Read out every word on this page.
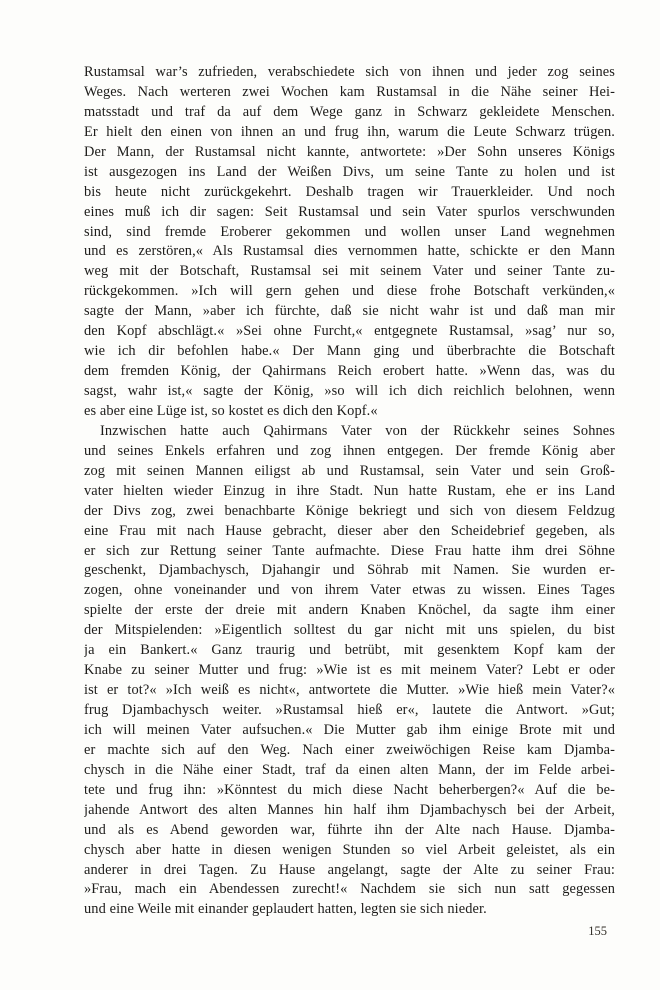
Rustamsal war’s zufrieden, verabschiedete sich von ihnen und jeder zog seines
Weges. Nach werteren zwei Wochen kam Rustamsal in die Nähe seiner Hei-
matsstadt und traf da auf dem Wege ganz in Schwarz gekleidete Menschen.
Er hielt den einen von ihnen an und frug ihn, warum die Leute Schwarz trügen.
Der Mann, der Rustamsal nicht kannte, antwortete: »Der Sohn unseres Königs
ist ausgezogen ins Land der Weißen Divs, um seine Tante zu holen und ist
bis heute nicht zurückgekehrt. Deshalb tragen wir Trauerkleider. Und noch
eines muß ich dir sagen: Seit Rustamsal und sein Vater spurlos verschwunden
sind, sind fremde Eroberer gekommen und wollen unser Land wegnehmen
und es zerstören,« Als Rustamsal dies vernommen hatte, schickte er den Mann
weg mit der Botschaft, Rustamsal sei mit seinem Vater und seiner Tante zu-
rückgekommen. »Ich will gern gehen und diese frohe Botschaft verkünden,«
sagte der Mann, »aber ich fürchte, daß sie nicht wahr ist und daß man mir
den Kopf abschlägt.« »Sei ohne Furcht,« entgegnete Rustamsal, »sag’ nur so,
wie ich dir befohlen habe.« Der Mann ging und überbrachte die Botschaft
dem fremden König, der Qahirmans Reich erobert hatte. »Wenn das, was du
sagst, wahr ist,« sagte der König, »so will ich dich reichlich belohnen, wenn
es aber eine Lüge ist, so kostet es dich den Kopf.«
Inzwischen hatte auch Qahirmans Vater von der Rückkehr seines Sohnes
und seines Enkels erfahren und zog ihnen entgegen. Der fremde König aber
zog mit seinen Mannen eiligst ab und Rustamsal, sein Vater und sein Groß-
vater hielten wieder Einzug in ihre Stadt. Nun hatte Rustam, ehe er ins Land
der Divs zog, zwei benachbarte Könige bekriegt und sich von diesem Feldzug
eine Frau mit nach Hause gebracht, dieser aber den Scheidebrief gegeben, als
er sich zur Rettung seiner Tante aufmachte. Diese Frau hatte ihm drei Söhne
geschenkt, Djambachysch, Djahangir und Söhrab mit Namen. Sie wurden er-
zogen, ohne voneinander und von ihrem Vater etwas zu wissen. Eines Tages
spielte der erste der dreie mit andern Knaben Knöchel, da sagte ihm einer
der Mitspielenden: »Eigentlich solltest du gar nicht mit uns spielen, du bist
ja ein Bankert.« Ganz traurig und betrübt, mit gesenktem Kopf kam der
Knabe zu seiner Mutter und frug: »Wie ist es mit meinem Vater? Lebt er oder
ist er tot?« »Ich weiß es nicht«, antwortete die Mutter. »Wie hieß mein Vater?«
frug Djambachysch weiter. »Rustamsal hieß er«, lautete die Antwort. »Gut;
ich will meinen Vater aufsuchen.« Die Mutter gab ihm einige Brote mit und
er machte sich auf den Weg. Nach einer zweiwöchigen Reise kam Djamba-
chysch in die Nähe einer Stadt, traf da einen alten Mann, der im Felde arbei-
tete und frug ihn: »Könntest du mich diese Nacht beherbergen?« Auf die be-
jahende Antwort des alten Mannes hin half ihm Djambachysch bei der Arbeit,
und als es Abend geworden war, führte ihn der Alte nach Hause. Djamba-
chysch aber hatte in diesen wenigen Stunden so viel Arbeit geleistet, als ein
anderer in drei Tagen. Zu Hause angelangt, sagte der Alte zu seiner Frau:
»Frau, mach ein Abendessen zurecht!« Nachdem sie sich nun satt gegessen
und eine Weile mit einander geplaudert hatten, legten sie sich nieder.
155
